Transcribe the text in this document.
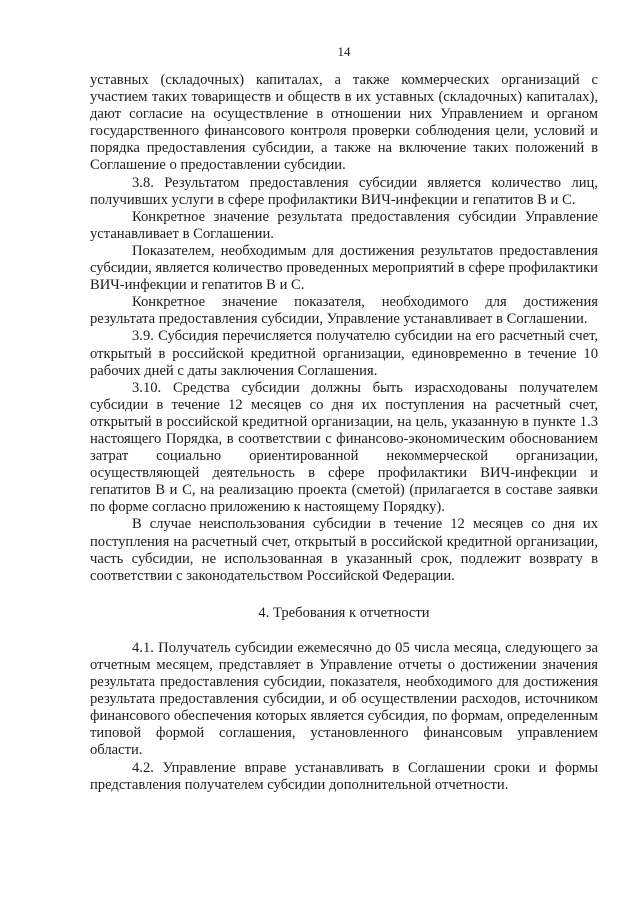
14

уставных (складочных) капиталах, а также коммерческих организаций с участием таких товариществ и обществ в их уставных (складочных) капиталах), дают согласие на осуществление в отношении них Управлением и органом государственного финансового контроля проверки соблюдения цели, условий и порядка предоставления субсидии, а также на включение таких положений в Соглашение о предоставлении субсидии.

3.8. Результатом предоставления субсидии является количество лиц, получивших услуги в сфере профилактики ВИЧ-инфекции и гепатитов В и С.

Конкретное значение результата предоставления субсидии Управление устанавливает в Соглашении.

Показателем, необходимым для достижения результатов предоставления субсидии, является количество проведенных мероприятий в сфере профилактики ВИЧ-инфекции и гепатитов В и С.

Конкретное значение показателя, необходимого для достижения результата предоставления субсидии, Управление устанавливает в Соглашении.

3.9. Субсидия перечисляется получателю субсидии на его расчетный счет, открытый в российской кредитной организации, единовременно в течение 10 рабочих дней с даты заключения Соглашения.

3.10. Средства субсидии должны быть израсходованы получателем субсидии в течение 12 месяцев со дня их поступления на расчетный счет, открытый в российской кредитной организации, на цель, указанную в пункте 1.3 настоящего Порядка, в соответствии с финансово-экономическим обоснованием затрат социально ориентированной некоммерческой организации, осуществляющей деятельность в сфере профилактики ВИЧ-инфекции и гепатитов В и С, на реализацию проекта (сметой) (прилагается в составе заявки по форме согласно приложению к настоящему Порядку).

В случае неиспользования субсидии в течение 12 месяцев со дня их поступления на расчетный счет, открытый в российской кредитной организации, часть субсидии, не использованная в указанный срок, подлежит возврату в соответствии с законодательством Российской Федерации.

4. Требования к отчетности

4.1. Получатель субсидии ежемесячно до 05 числа месяца, следующего за отчетным месяцем, представляет в Управление отчеты о достижении значения результата предоставления субсидии, показателя, необходимого для достижения результата предоставления субсидии, и об осуществлении расходов, источником финансового обеспечения которых является субсидия, по формам, определенным типовой формой соглашения, установленного финансовым управлением области.

4.2. Управление вправе устанавливать в Соглашении сроки и формы представления получателем субсидии дополнительной отчетности.
